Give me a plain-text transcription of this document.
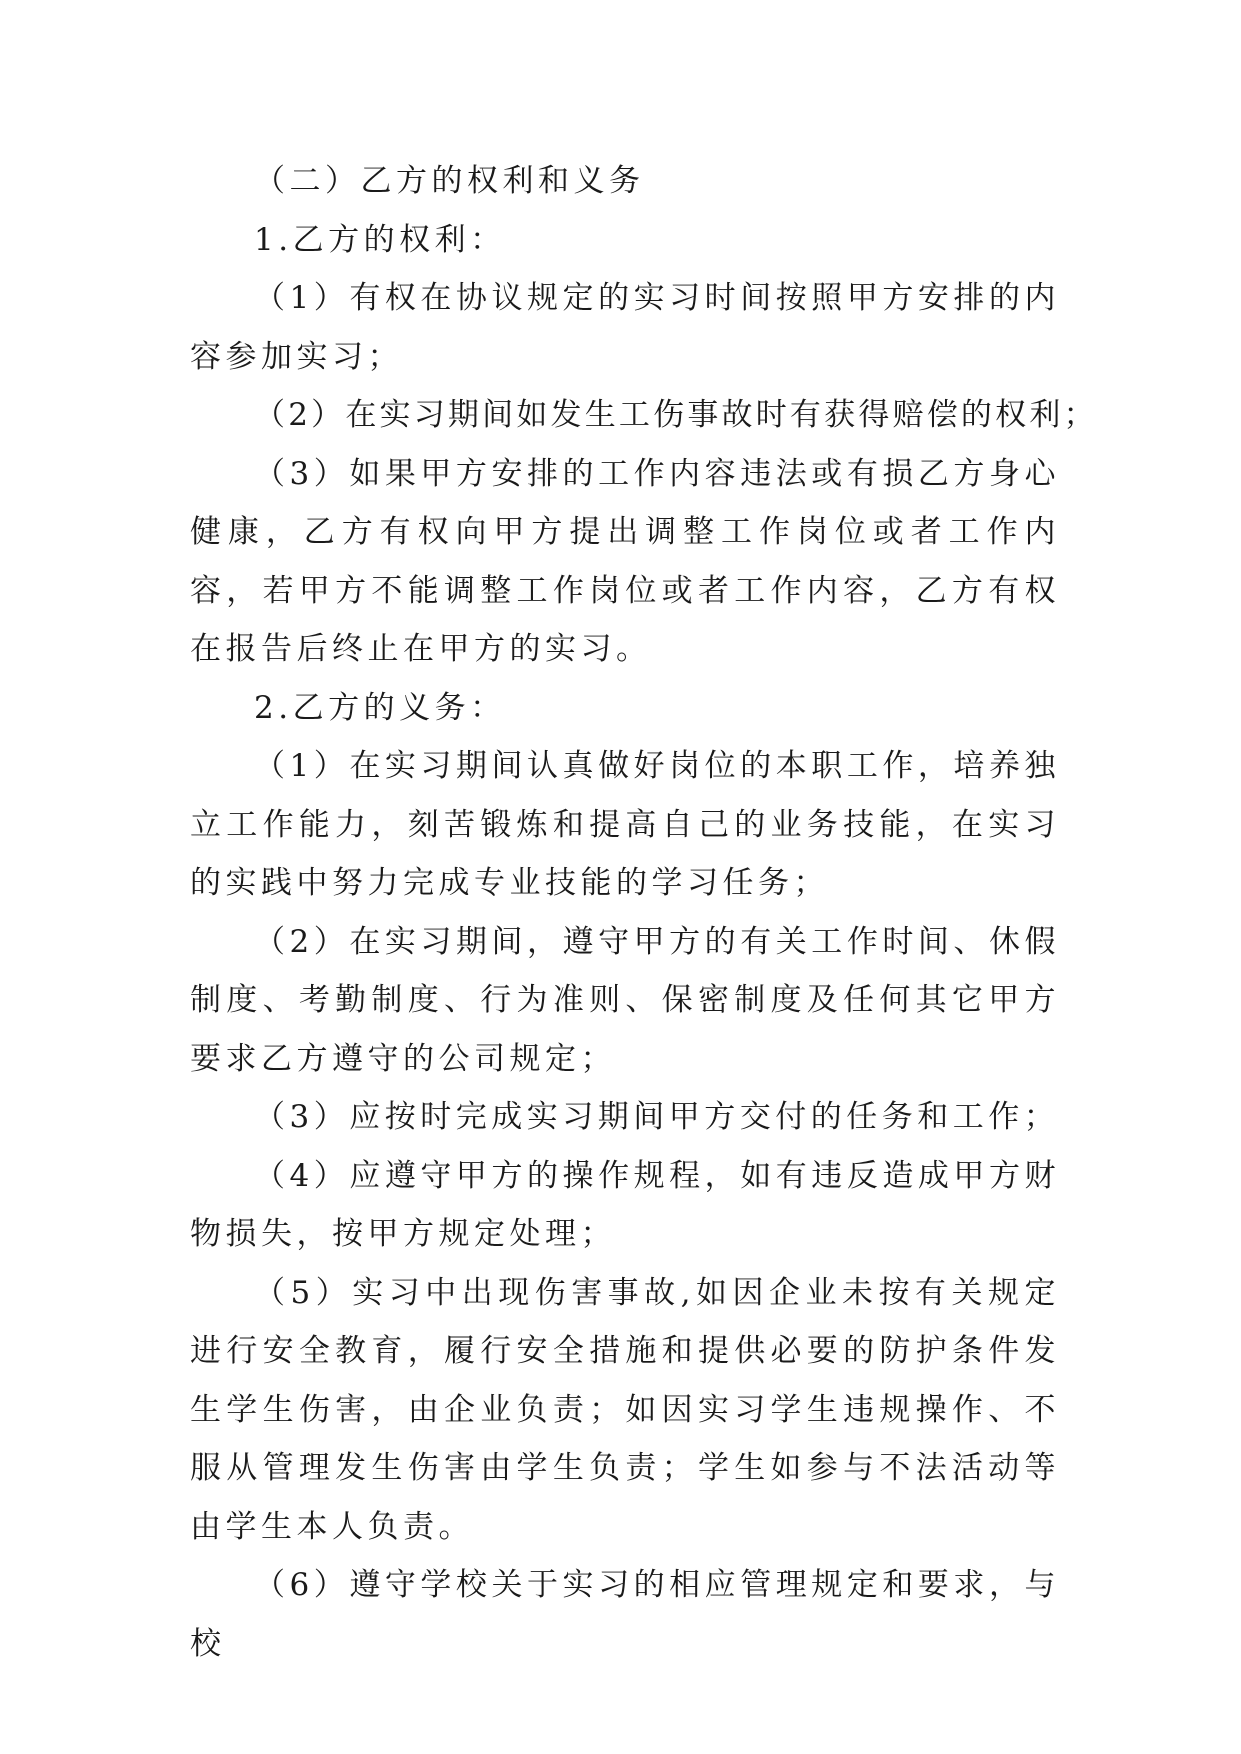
（二）乙方的权利和义务

1.乙方的权利：

（1）有权在协议规定的实习时间按照甲方安排的内容参加实习；

（2）在实习期间如发生工伤事故时有获得赔偿的权利；

（3）如果甲方安排的工作内容违法或有损乙方身心健康，乙方有权向甲方提出调整工作岗位或者工作内容，若甲方不能调整工作岗位或者工作内容，乙方有权在报告后终止在甲方的实习。

2.乙方的义务：

（1）在实习期间认真做好岗位的本职工作，培养独立工作能力，刻苦锻炼和提高自己的业务技能，在实习的实践中努力完成专业技能的学习任务；

（2）在实习期间，遵守甲方的有关工作时间、休假制度、考勤制度、行为准则、保密制度及任何其它甲方要求乙方遵守的公司规定；

（3）应按时完成实习期间甲方交付的任务和工作；

（4）应遵守甲方的操作规程，如有违反造成甲方财物损失，按甲方规定处理；

（5）实习中出现伤害事故,如因企业未按有关规定进行安全教育，履行安全措施和提供必要的防护条件发生学生伤害，由企业负责；如因实习学生违规操作、不服从管理发生伤害由学生负责；学生如参与不法活动等由学生本人负责。

（6）遵守学校关于实习的相应管理规定和要求，与校
